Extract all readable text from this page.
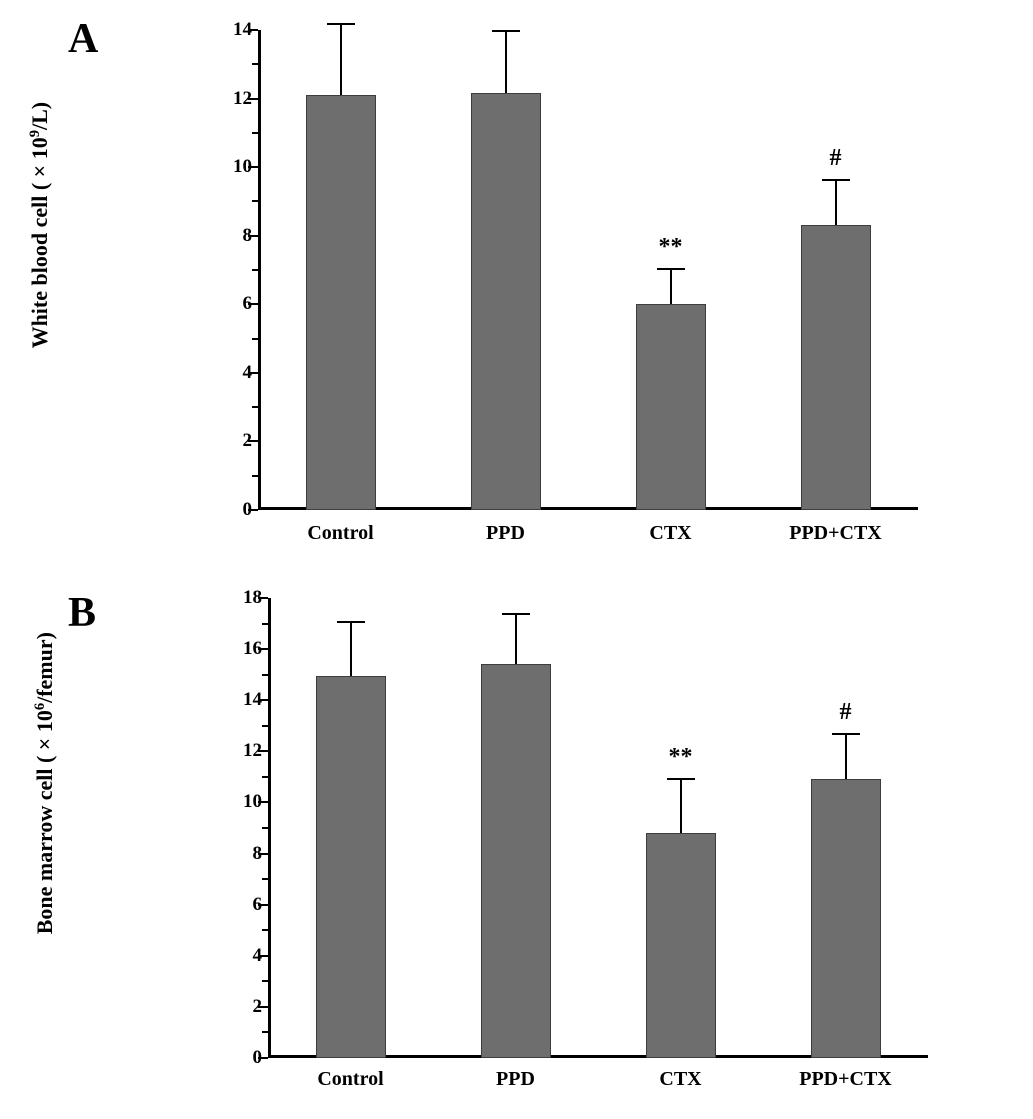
A
White blood cell ( × $10^9/L$)
0
2
4
6
8
10
12
14
**
#
Control	PPD	CTX	PPD+CTX
B
Bone marrow cell ( × $10^6/femur$)
0
2
4
6
8
10
12
14
16
18
**
#
Control	PPD	CTX	PPD+CTX
